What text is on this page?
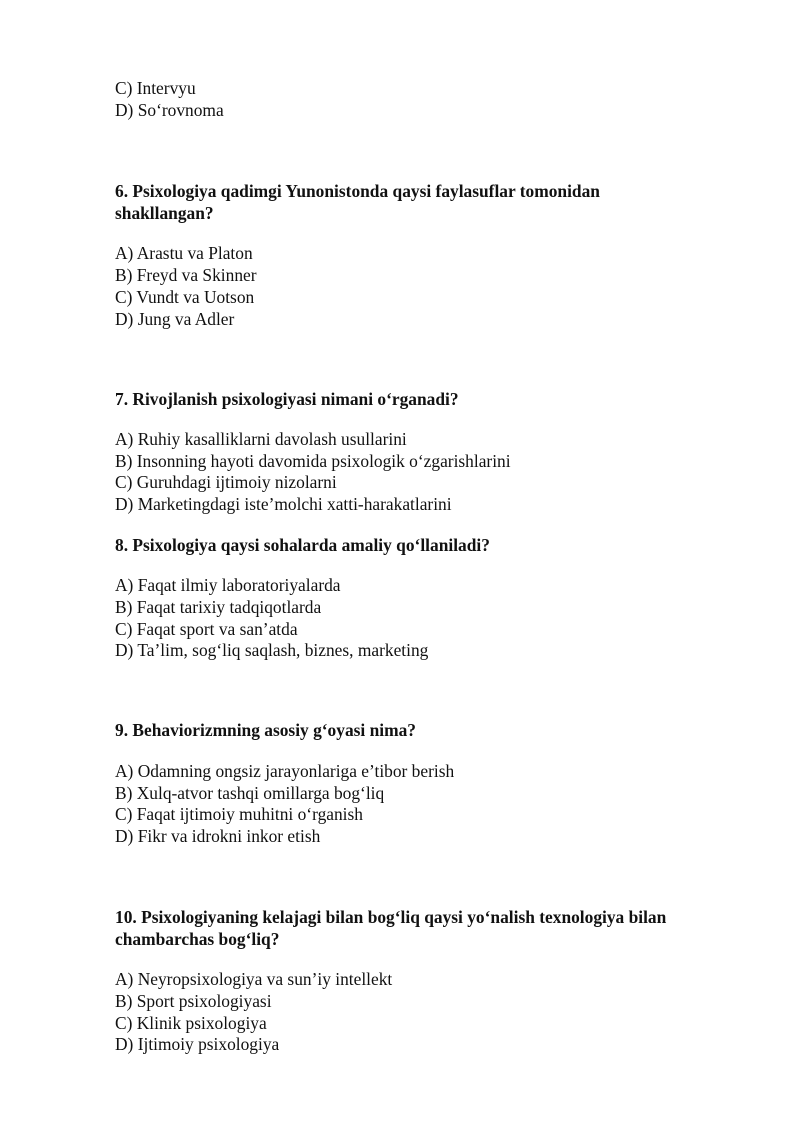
C) Intervyu
D) So‘rovnoma
6. Psixologiya qadimgi Yunonistonda qaysi faylasuflar tomonidan
shakllangan?
A) Arastu va Platon
B) Freyd va Skinner
C) Vundt va Uotson
D) Jung va Adler
7. Rivojlanish psixologiyasi nimani o‘rganadi?
A) Ruhiy kasalliklarni davolash usullarini
B) Insonning hayoti davomida psixologik o‘zgarishlarini
C) Guruhdagi ijtimoiy nizolarni
D) Marketingdagi iste’molchi xatti-harakatlarini
8. Psixologiya qaysi sohalarda amaliy qo‘llaniladi?
A) Faqat ilmiy laboratoriyalarda
B) Faqat tarixiy tadqiqotlarda
C) Faqat sport va san’atda
D) Ta’lim, sog‘liq saqlash, biznes, marketing
9. Behaviorizmning asosiy g‘oyasi nima?
A) Odamning ongsiz jarayonlariga e’tibor berish
B) Xulq-atvor tashqi omillarga bog‘liq
C) Faqat ijtimoiy muhitni o‘rganish
D) Fikr va idrokni inkor etish
10. Psixologiyaning kelajagi bilan bog‘liq qaysi yo‘nalish texnologiya bilan
chambarchas bog‘liq?
A) Neyropsixologiya va sun’iy intellekt
B) Sport psixologiyasi
C) Klinik psixologiya
D) Ijtimoiy psixologiya
